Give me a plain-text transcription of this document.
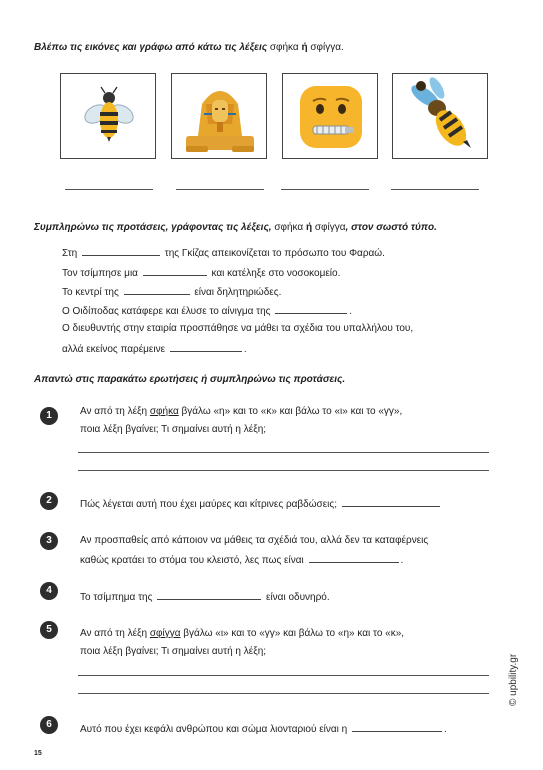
Βλέπω τις εικόνες και γράφω από κάτω τις λέξεις σφήκα ή σφίγγα.
Συμπληρώνω τις προτάσεις, γράφοντας τις λέξεις, σφήκα ή σφίγγα, στον σωστό τύπο.
Στη	της Γκίζας απεικονίζεται το πρόσωπο του Φαραώ.
Τον τσίμπησε μια	και κατέληξε στο νοσοκομείο.
Το κεντρί της	είναι δηλητηριώδες.
Ο Οιδίποδας κατάφερε και έλυσε το αίνιγμα της	.
Ο διευθυντής στην εταιρία προσπάθησε να μάθει τα σχέδια του υπαλλήλου του,
αλλά εκείνος παρέμεινε	.
Απαντώ στις παρακάτω ερωτήσεις ή συμπληρώνω τις προτάσεις.
1	Αν από τη λέξη σφήκα βγάλω «η» και το «κ» και βάλω το «ι» και το «γγ»,
ποια λέξη βγαίνει; Τι σημαίνει αυτή η λέξη;
2	Πώς λέγεται αυτή που έχει μαύρες και κίτρινες ραβδώσεις;
3	Αν προσπαθείς από κάποιον να μάθεις τα σχέδιά του, αλλά δεν τα καταφέρνεις
καθώς κρατάει το στόμα του κλειστό, λες πως είναι	.
4
Το τσίμπημα της	είναι οδυνηρό.
5	Αν από τη λέξη σφίγγα βγάλω «ι» και το «γγ» και βάλω το «η» και το «κ»,
ποια λέξη βγαίνει; Τι σημαίνει αυτή η λέξη;
6	Αυτό που έχει κεφάλι ανθρώπου και σώμα λιονταριού είναι η	.
15
© upbility.gr
